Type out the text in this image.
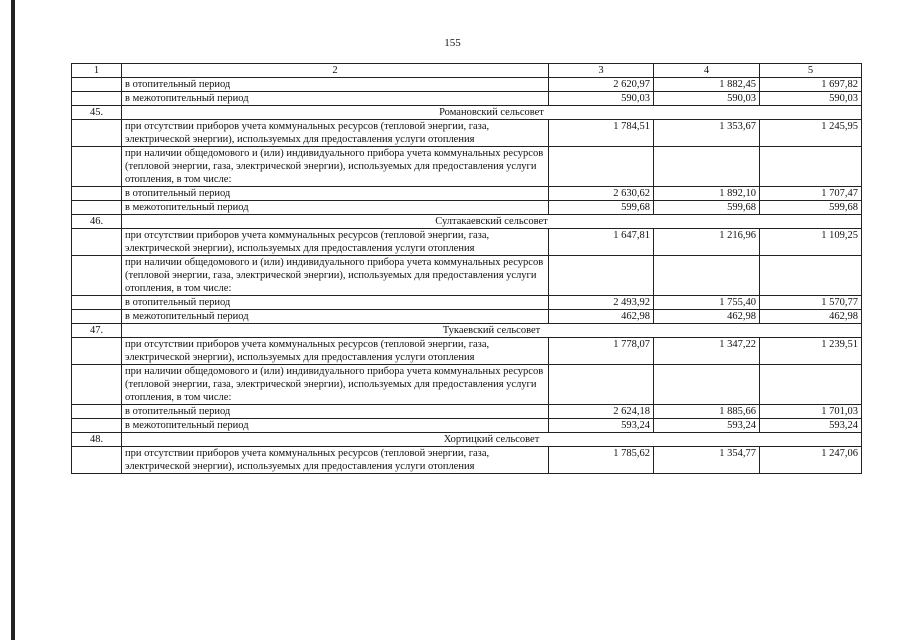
155
1	2	3	4	5
	в отопительный период	2 620,97	1 882,45	1 697,82
	в межотопительный период	590,03	590,03	590,03
45.	Романовский сельсовет			
	при отсутствии приборов учета коммунальных ресурсов (тепловой энергии, газа, электрической энергии), используемых для предоставления услуги отопления	1 784,51	1 353,67	1 245,95
	при наличии общедомового и (или) индивидуального прибора учета коммунальных ресурсов (тепловой энергии, газа, электрической энергии), используемых для предоставления услуги отопления, в том числе:			
	в отопительный период	2 630,62	1 892,10	1 707,47
	в межотопительный период	599,68	599,68	599,68
46.	Султакаевский сельсовет			
	при отсутствии приборов учета коммунальных ресурсов (тепловой энергии, газа, электрической энергии), используемых для предоставления услуги отопления	1 647,81	1 216,96	1 109,25
	при наличии общедомового и (или) индивидуального прибора учета коммунальных ресурсов (тепловой энергии, газа, электрической энергии), используемых для предоставления услуги отопления, в том числе:			
	в отопительный период	2 493,92	1 755,40	1 570,77
	в межотопительный период	462,98	462,98	462,98
47.	Тукаевский сельсовет			
	при отсутствии приборов учета коммунальных ресурсов (тепловой энергии, газа, электрической энергии), используемых для предоставления услуги отопления	1 778,07	1 347,22	1 239,51
	при наличии общедомового и (или) индивидуального прибора учета коммунальных ресурсов (тепловой энергии, газа, электрической энергии), используемых для предоставления услуги отопления, в том числе:			
	в отопительный период	2 624,18	1 885,66	1 701,03
	в межотопительный период	593,24	593,24	593,24
48.	Хортицкий сельсовет			
	при отсутствии приборов учета коммунальных ресурсов (тепловой энергии, газа, электрической энергии), используемых для предоставления услуги отопления	1 785,62	1 354,77	1 247,06
